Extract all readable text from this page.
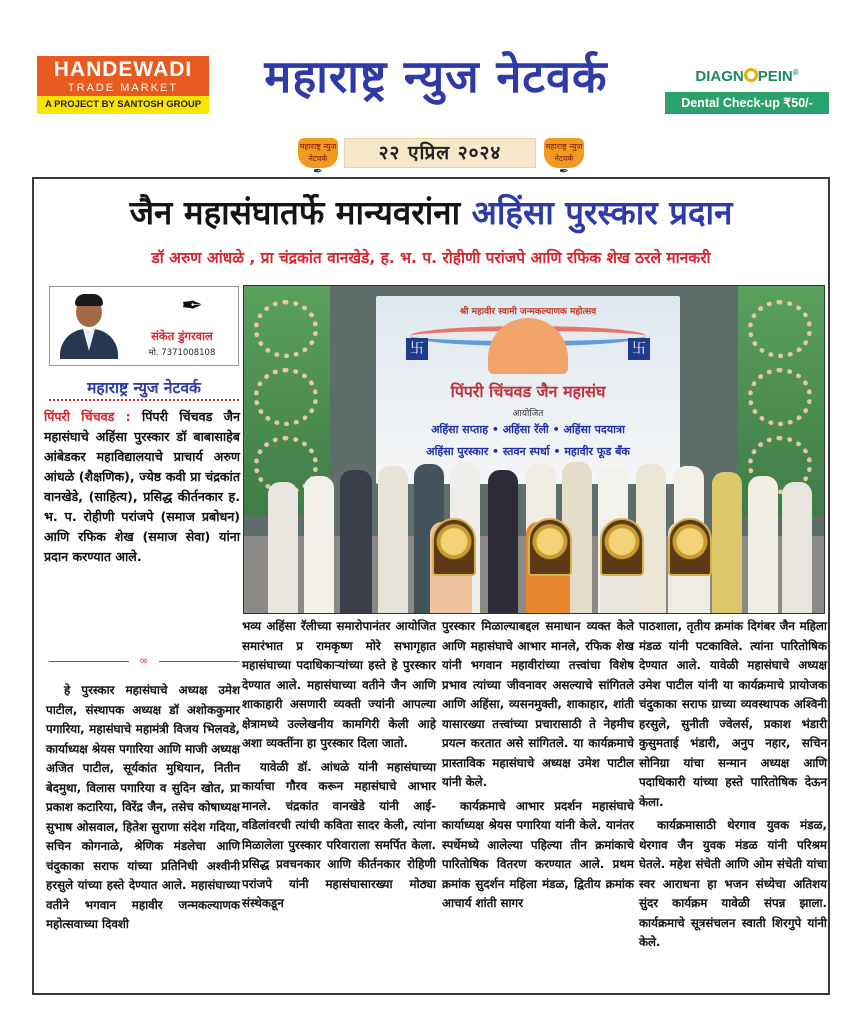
HANDEWADI
TRADE MARKET
A PROJECT BY SANTOSH GROUP
महाराष्ट्र न्युज नेटवर्क	DIAGN PEIN®
Dental Check-up ₹50/-
महाराष्ट्र न्युज नेटवर्क
✒
२२ एप्रिल २०२४	महाराष्ट्र न्युज नेटवर्क
✒
जैन महासंघातर्फे मान्यवरांना अहिंसा पुरस्कार प्रदान
डॉ अरुण आंधळे , प्रा चंद्रकांत वानखेडे, ह. भ. प. रोहीणी परांजपे आणि रफिक शेख ठरले मानकरी
✒
संकेत डुंगरवाल
मो. 7371008108
महाराष्ट्र न्युज नेटवर्क
पिंपरी चिंचवड : पिंपरी चिंचवड जैन महासंघाचे अहिंसा पुरस्कार डॉ बाबासाहेब आंबेडकर महाविद्यालयाचे प्राचार्य अरुण आंधळे (शैक्षणिक), ज्येष्ठ कवी प्रा चंद्रकांत वानखेडे, (साहित्य), प्रसिद्ध कीर्तनकार ह. भ. प. रोहीणी परांजपे (समाज प्रबोधन) आणि रफिक शेख (समाज सेवा) यांना प्रदान करण्यात आले.
∞
श्री महावीर स्वामी जन्मकल्याणक महोत्सव
卐	卐
पिंपरी चिंचवड जैन महासंघ
आयोजित
अहिंसा सप्ताह • अहिंसा रॅली • अहिंसा पदयात्रा
अहिंसा पुरस्कार • स्तवन स्पर्धा • महावीर फूड बँक

हे पुरस्कार महासंघाचे अध्यक्ष उमेश पाटील, संस्थापक अध्यक्ष डॉ अशोककुमार पगारिया, महासंघाचे महामंत्री विजय भिलवडे, कार्याध्यक्ष श्रेयस पगारिया आणि माजी अध्यक्ष अजित पाटील, सूर्यकांत मुथियान, नितीन बेदमुथा, विलास पगारिया व सुदिन खोत, प्रा प्रकाश कटारिया, विरेंद्र जैन, तसेच कोषाध्यक्ष सुभाष ओसवाल, हितेश सुराणा संदेश गदिया, सचिन कोगनाळे, श्रेणिक मंडलेचा आणि चंदुकाका सराफ यांच्या प्रतिनिधी अश्वीनी हरसुले यांच्या हस्ते देण्यात आले. महासंघाच्या वतीने भगवान महावीर जन्मकल्याणक महोत्सवाच्या दिवशी

भव्य अहिंसा रॅलीच्या समारोपानंतर आयोजित समारंभात प्र रामकृष्ण मोरे सभागृहात महासंघाच्या पदाधिकाऱ्यांच्या हस्ते हे पुरस्कार देण्यात आले. महासंघाच्या वतीने जैन आणि शाकाहारी असणारी व्यक्ती ज्यांनी आपल्या क्षेत्रामध्ये उल्लेखनीय कामगिरी केली आहे अशा व्यक्तींना हा पुरस्कार दिला जातो.

यावेळी डॉ. आंधळे यांनी महासंघाच्या कार्याचा गौरव करून महासंघाचे आभार मानले. चंद्रकांत वानखेडे यांनी आई-वडिलांवरची त्यांची कविता सादर केली, त्यांना मिळालेला पुरस्कार परिवाराला समर्पित केला. प्रसिद्ध प्रवचनकार आणि कीर्तनकार रोहिणी परांजपे यांनी महासंघासारख्या मोठ्या संस्थेकडून

पुरस्कार मिळाल्याबद्दल समाधान व्यक्त केले आणि महासंघाचे आभार मानले, रफिक शेख यांनी भगवान महावीरांच्या तत्त्वांचा विशेष प्रभाव त्यांच्या जीवनावर असल्याचे सांगितले आणि अहिंसा, व्यसनमुक्ती, शाकाहार, शांती यासारख्या तत्त्वांच्या प्रचारासाठी ते नेहमीच प्रयत्न करतात असे सांगितले. या कार्यक्रमाचे प्रास्ताविक महासंघाचे अध्यक्ष उमेश पाटील यांनी केले.

कार्यक्रमाचे आभार प्रदर्शन महासंघाचे कार्याध्यक्ष श्रेयस पगारिया यांनी केले. यानंतर स्पर्धेमध्ये आलेल्या पहिल्या तीन क्रमांकाचे पारितोषिक वितरण करण्यात आले. प्रथम क्रमांक सुदर्शन महिला मंडळ, द्वितीय क्रमांक आचार्य शांती सागर

पाठशाला, तृतीय क्रमांक दिगंबर जैन महिला मंडळ यांनी पटकाविले. त्यांना पारितोषिक देण्यात आले. यावेळी महासंघाचे अध्यक्ष उमेश पाटील यांनी या कार्यक्रमाचे प्रायोजक चंदुकाका सराफ ग्राच्या व्यवस्थापक अश्विनी हरसुले, सुनीती ज्वेलर्स, प्रकाश भंडारी कुसुमताई भंडारी, अनुप नहार, सचिन सोनिग्रा यांचा सन्मान अध्यक्ष आणि पदाधिकारी यांच्या हस्ते पारितोषिक देऊन केला.

कार्यक्रमासाठी थेरगाव युवक मंडळ, थेरगाव जैन युवक मंडळ यांनी परिश्रम घेतले. महेश संचेती आणि ओम संचेती यांचा स्वर आराधना हा भजन संध्येचा अतिशय सुंदर कार्यक्रम यावेळी संपन्न झाला. कार्यक्रमाचे सूत्रसंचलन स्वाती शिरगुपे यांनी केले.
